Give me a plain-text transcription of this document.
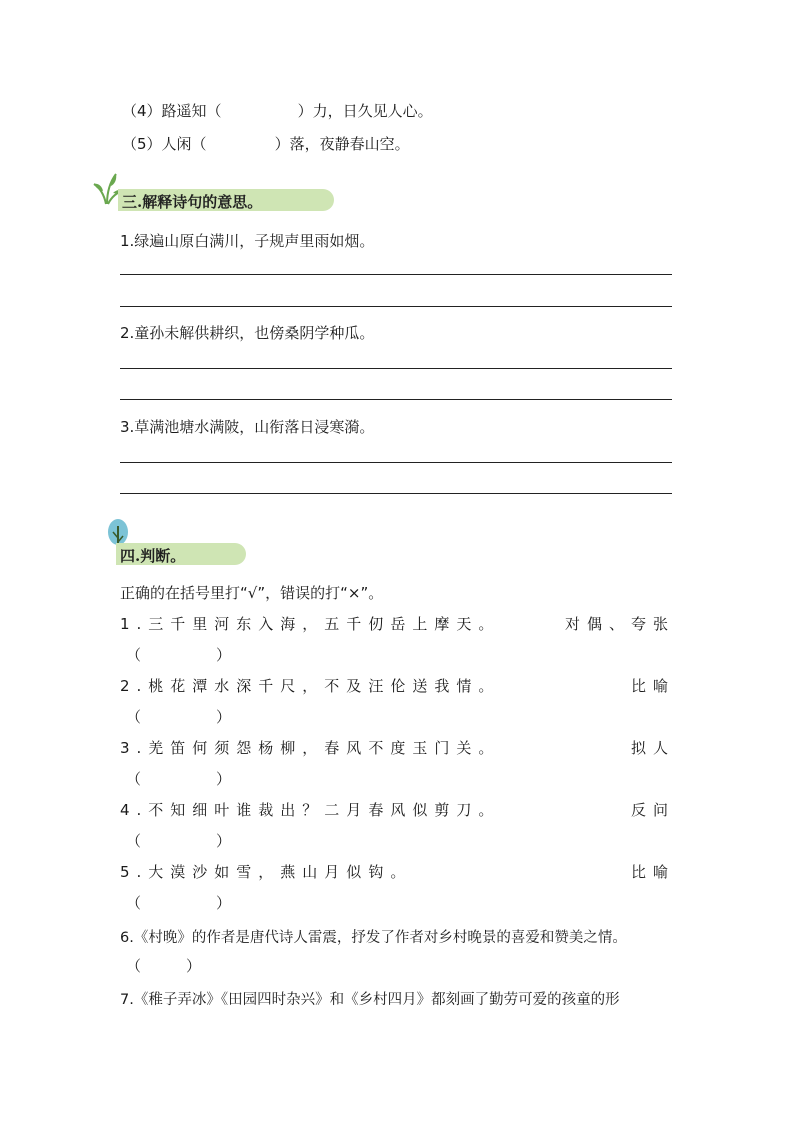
（4）路遥知（	）力，日久见人心。
（5）人闲（	）落，夜静春山空。
三.解释诗句的意思。
1.绿遍山原白满川，子规声里雨如烟。
2.童孙未解供耕织，也傍桑阴学种瓜。
3.草满池塘水满陂，山衔落日浸寒漪。
四.判断。
正确的在括号里打“√”，错误的打“×”。
1.三千里河东入海，五千仞岳上摩天。	对偶、夸张
（　　　　　）
2.桃花潭水深千尺，不及汪伦送我情。	比喻
（　　　　　）
3.羌笛何须怨杨柳，春风不度玉门关。	拟人
（　　　　　）
4.不知细叶谁裁出？二月春风似剪刀。	反问
（　　　　　）
5.大漠沙如雪，燕山月似钩。	比喻
（　　　　　）
6.《村晚》的作者是唐代诗人雷震，抒发了作者对乡村晚景的喜爱和赞美之情。
（　　　）
7.《稚子弄冰》《田园四时杂兴》和《乡村四月》都刻画了勤劳可爱的孩童的形
